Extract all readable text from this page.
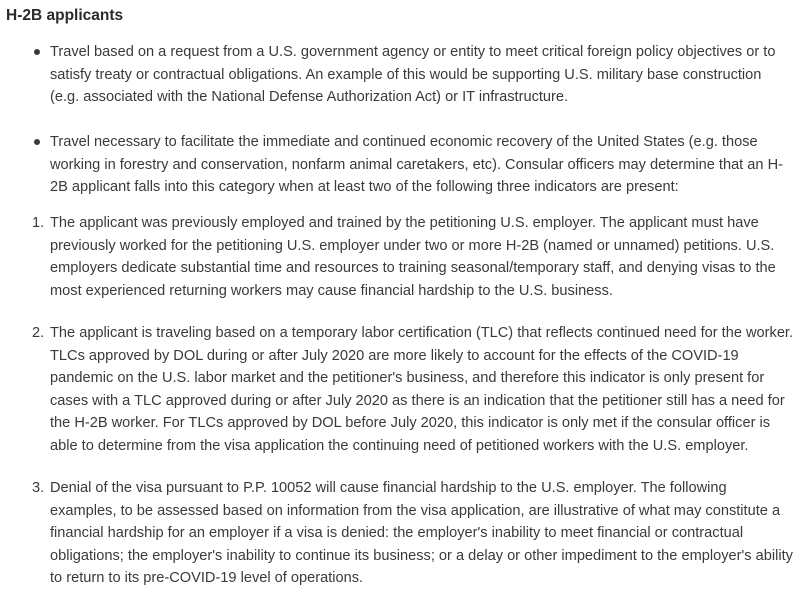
H-2B applicants

Travel based on a request from a U.S. government agency or entity to meet critical foreign policy objectives or to satisfy treaty or contractual obligations. An example of this would be supporting U.S. military base construction (e.g. associated with the National Defense Authorization Act) or IT infrastructure.

Travel necessary to facilitate the immediate and continued economic recovery of the United States (e.g. those working in forestry and conservation, nonfarm animal caretakers, etc). Consular officers may determine that an H-2B applicant falls into this category when at least two of the following three indicators are present:

1. The applicant was previously employed and trained by the petitioning U.S. employer. The applicant must have previously worked for the petitioning U.S. employer under two or more H-2B (named or unnamed) petitions. U.S. employers dedicate substantial time and resources to training seasonal/temporary staff, and denying visas to the most experienced returning workers may cause financial hardship to the U.S. business.

2. The applicant is traveling based on a temporary labor certification (TLC) that reflects continued need for the worker. TLCs approved by DOL during or after July 2020 are more likely to account for the effects of the COVID-19 pandemic on the U.S. labor market and the petitioner's business, and therefore this indicator is only present for cases with a TLC approved during or after July 2020 as there is an indication that the petitioner still has a need for the H-2B worker. For TLCs approved by DOL before July 2020, this indicator is only met if the consular officer is able to determine from the visa application the continuing need of petitioned workers with the U.S. employer.

3. Denial of the visa pursuant to P.P. 10052 will cause financial hardship to the U.S. employer. The following examples, to be assessed based on information from the visa application, are illustrative of what may constitute a financial hardship for an employer if a visa is denied: the employer's inability to meet financial or contractual obligations; the employer's inability to continue its business; or a delay or other impediment to the employer's ability to return to its pre-COVID-19 level of operations.
